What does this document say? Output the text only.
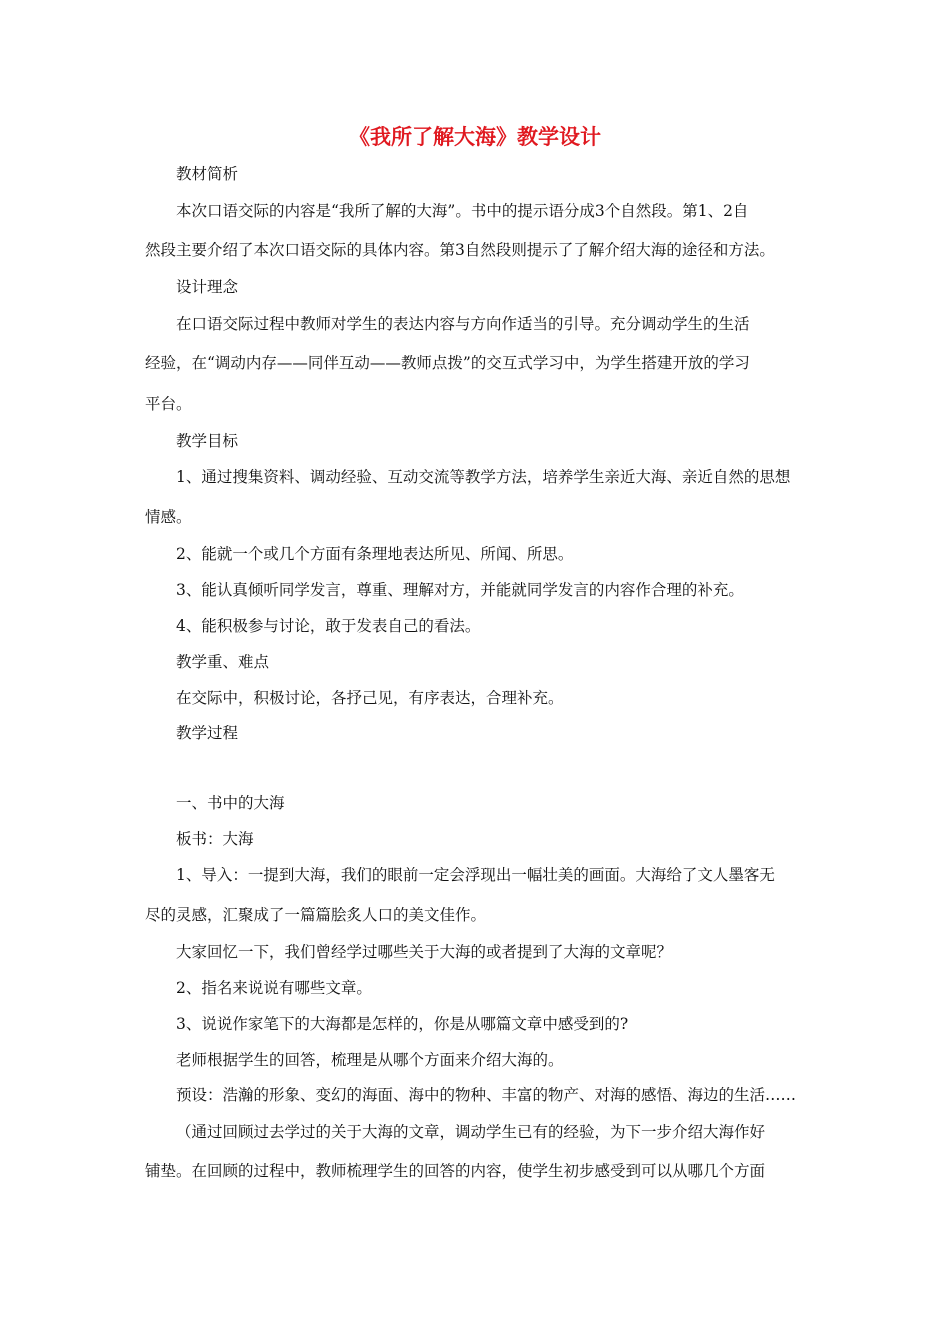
《我所了解大海》教学设计
教材简析
本次口语交际的内容是“我所了解的大海”。书中的提示语分成3个自然段。第1、2自
然段主要介绍了本次口语交际的具体内容。第3自然段则提示了了解介绍大海的途径和方法。
设计理念
在口语交际过程中教师对学生的表达内容与方向作适当的引导。充分调动学生的生活
经验，在“调动内存——同伴互动——教师点拨”的交互式学习中，为学生搭建开放的学习
平台。
教学目标
1、通过搜集资料、调动经验、互动交流等教学方法，培养学生亲近大海、亲近自然的思想
情感。
2、能就一个或几个方面有条理地表达所见、所闻、所思。
3、能认真倾听同学发言，尊重、理解对方，并能就同学发言的内容作合理的补充。
4、能积极参与讨论，敢于发表自己的看法。
教学重、难点
在交际中，积极讨论，各抒己见，有序表达，合理补充。
教学过程
一、书中的大海
板书：大海
1、导入：一提到大海，我们的眼前一定会浮现出一幅壮美的画面。大海给了文人墨客无
尽的灵感，汇聚成了一篇篇脍炙人口的美文佳作。
大家回忆一下，我们曾经学过哪些关于大海的或者提到了大海的文章呢？
2、指名来说说有哪些文章。
3、说说作家笔下的大海都是怎样的，你是从哪篇文章中感受到的?
老师根据学生的回答，梳理是从哪个方面来介绍大海的。
预设：浩瀚的形象、变幻的海面、海中的物种、丰富的物产、对海的感悟、海边的生活……
（通过回顾过去学过的关于大海的文章，调动学生已有的经验，为下一步介绍大海作好
铺垫。在回顾的过程中，教师梳理学生的回答的内容，使学生初步感受到可以从哪几个方面
